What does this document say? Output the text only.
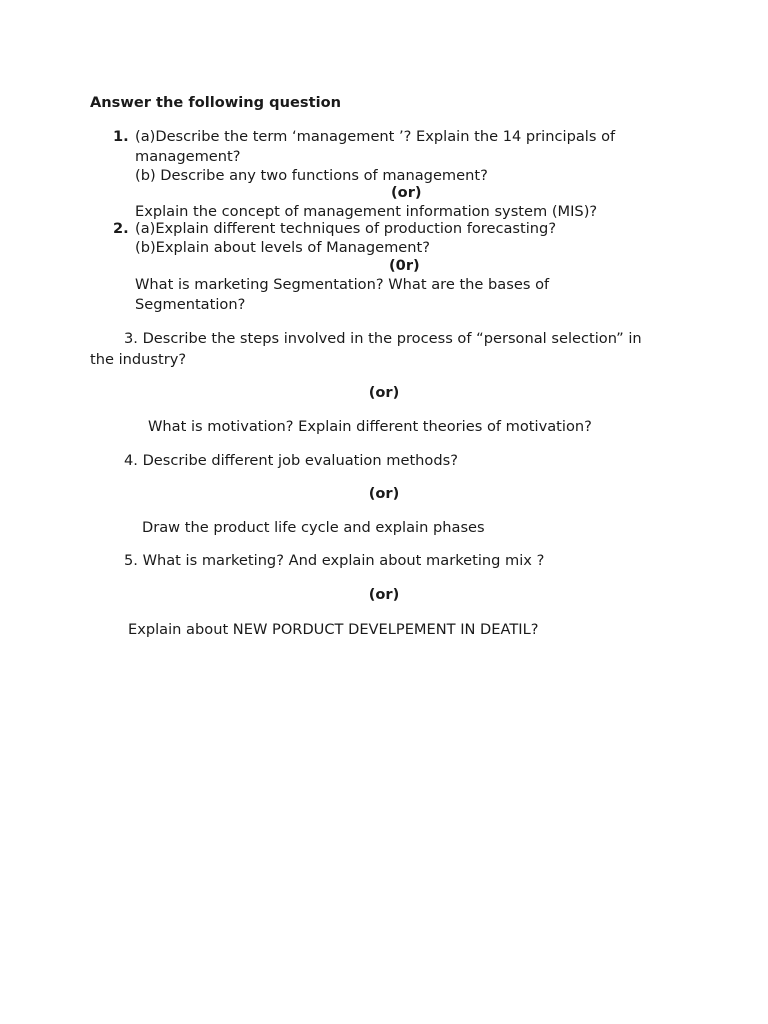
Answer the following question
1. (a)Describe the term ‘management ’? Explain the 14 principals of
management?
(b) Describe any two functions of management?
(or)
Explain the concept of management information system (MIS)?
2. (a)Explain different techniques of production forecasting?
(b)Explain about levels of Management?
(0r)
What is marketing Segmentation? What are the bases of
Segmentation?
3. Describe the steps involved in the process of “personal selection” in
the industry?
(or)
What is motivation? Explain different theories of motivation?
4. Describe different job evaluation methods?
(or)
Draw the product life cycle and explain phases
5. What is marketing? And explain about marketing mix ?
(or)
Explain about NEW PORDUCT DEVELPEMENT IN DEATIL?
